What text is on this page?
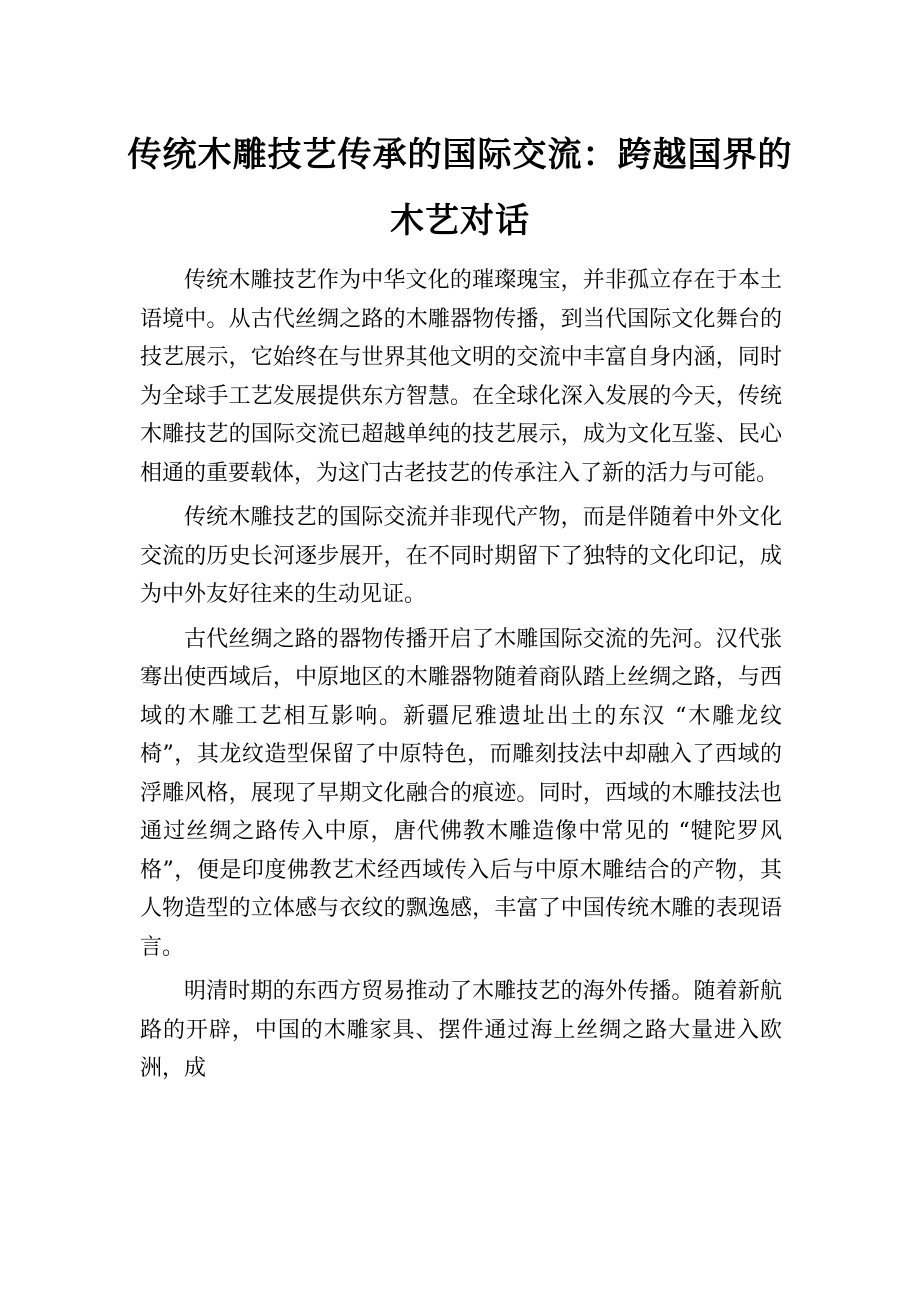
传统木雕技艺传承的国际交流：跨越国界的
木艺对话

传统木雕技艺作为中华文化的璀璨瑰宝，并非孤立存在于本土语境中。从古代丝绸之路的木雕器物传播，到当代国际文化舞台的技艺展示，它始终在与世界其他文明的交流中丰富自身内涵，同时为全球手工艺发展提供东方智慧。在全球化深入发展的今天，传统木雕技艺的国际交流已超越单纯的技艺展示，成为文化互鉴、民心相通的重要载体，为这门古老技艺的传承注入了新的活力与可能。

传统木雕技艺的国际交流并非现代产物，而是伴随着中外文化交流的历史长河逐步展开，在不同时期留下了独特的文化印记，成为中外友好往来的生动见证。

古代丝绸之路的器物传播开启了木雕国际交流的先河。汉代张骞出使西域后，中原地区的木雕器物随着商队踏上丝绸之路，与西域的木雕工艺相互影响。新疆尼雅遗址出土的东汉 “木雕龙纹椅”，其龙纹造型保留了中原特色，而雕刻技法中却融入了西域的浮雕风格，展现了早期文化融合的痕迹。同时，西域的木雕技法也通过丝绸之路传入中原，唐代佛教木雕造像中常见的 “犍陀罗风格”，便是印度佛教艺术经西域传入后与中原木雕结合的产物，其人物造型的立体感与衣纹的飘逸感，丰富了中国传统木雕的表现语言。

明清时期的东西方贸易推动了木雕技艺的海外传播。随着新航路的开辟，中国的木雕家具、摆件通过海上丝绸之路大量进入欧洲，成
